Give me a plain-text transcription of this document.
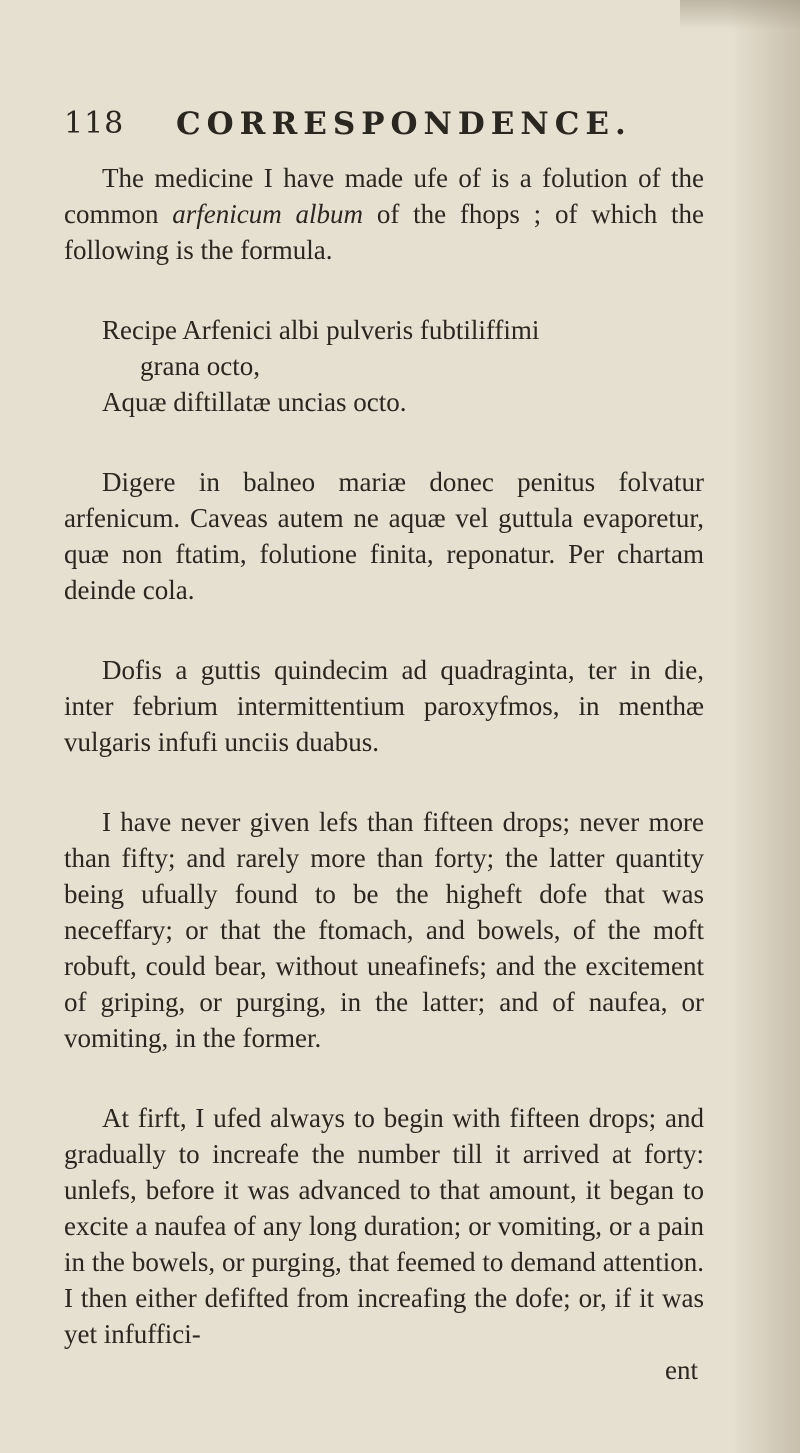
118 CORRESPONDENCE.

The medicine I have made ufe of is a folution of the common arfenicum album of the fhops ; of which the following is the formula.

Recipe Arfenici albi pulveris fubtiliffimi
grana octo,
Aquæ diftillatæ uncias octo.

Digere in balneo mariæ donec penitus folvatur arfenicum. Caveas autem ne aquæ vel guttula evaporetur, quæ non ftatim, folutione finita, reponatur. Per chartam deinde cola.

Dofis a guttis quindecim ad quadraginta, ter in die, inter febrium intermittentium paroxyfmos, in menthæ vulgaris infufi unciis duabus.

I have never given lefs than fifteen drops; never more than fifty; and rarely more than forty; the latter quantity being ufually found to be the higheft dofe that was neceffary; or that the ftomach, and bowels, of the moft robuft, could bear, without uneafinefs; and the excitement of griping, or purging, in the latter; and of naufea, or vomiting, in the former.

At firft, I ufed always to begin with fifteen drops; and gradually to increafe the number till it arrived at forty: unlefs, before it was advanced to that amount, it began to excite a naufea of any long duration; or vomiting, or a pain in the bowels, or purging, that feemed to demand attention. I then either defifted from increafing the dofe; or, if it was yet infuffici-

ent
